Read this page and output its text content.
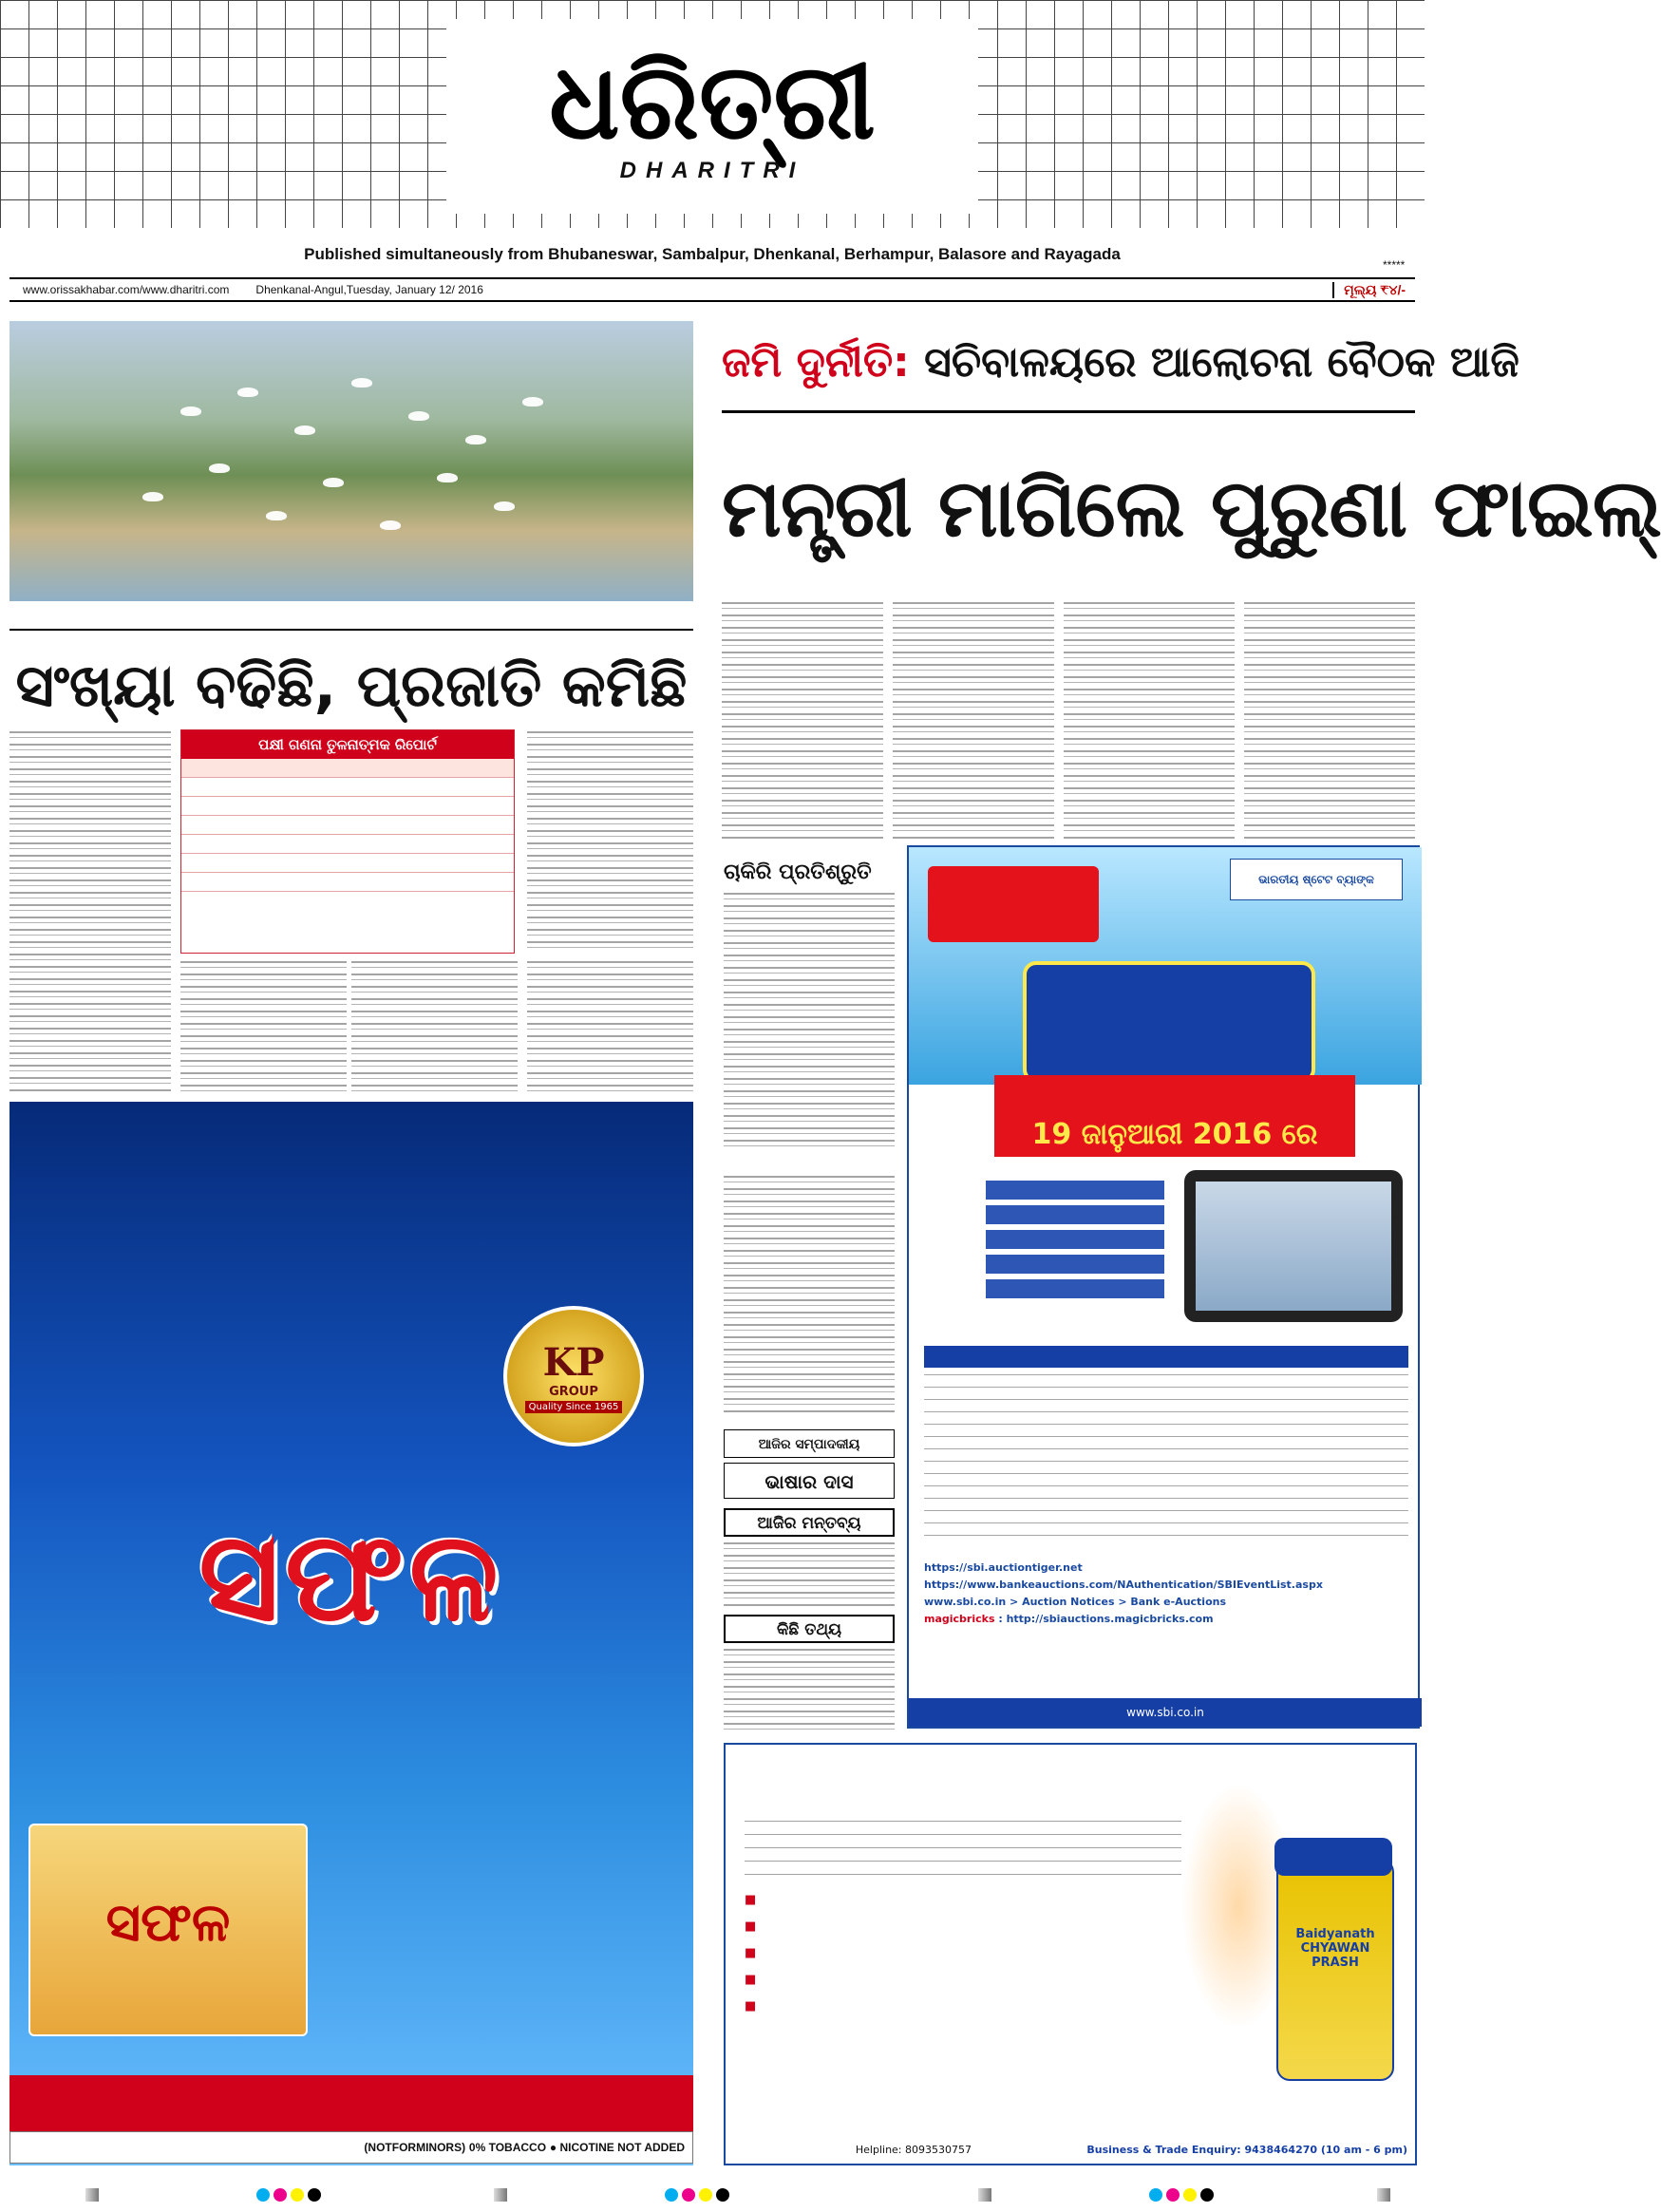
ଧରିତ୍ରୀ
DHARITRI
Published simultaneously from Bhubaneswar, Sambalpur, Dhenkanal, Berhampur, Balasore and Rayagada
*****
www.orissakhabar.com/www.dharitri.com	Dhenkanal-Angul,Tuesday, January 12/ 2016	ମୂଲ୍ୟ ₹୪/-

ଜମି ଦୁର୍ନୀତି: ସଚିବାଳୟରେ ଆଲୋଚନା ବୈଠକ ଆଜି
ମନ୍ତ୍ରୀ ମାଗିଲେ ପୁରୁଣା ଫାଇଲ୍
ସଂଖ୍ୟା ବଢିଛି, ପ୍ରଜାତି କମିଛି
ପକ୍ଷୀ ଗଣନା ତୁଳନାତ୍ମକ ରିପୋର୍ଟ

ଚାକିରି ପ୍ରତିଶ୍ରୁତି
ଆଜିର ସମ୍ପାଦକୀୟ
ଭାଷାର ଦାସ
ଆଜିର ମନ୍ତବ୍ୟ
କିଛି ତଥ୍ୟ

KP
GROUP
Quality Since 1965
ସଫଳ

ସଫଳ

(NOTFORMINORS) 0% TOBACCO ● NICOTINE NOT ADDED
ଭାରତୀୟ ଷ୍ଟେଟ ବ୍ୟାଙ୍କ

19 ଜାନୁଆରୀ 2016 ରେ

https://sbi.auctiontiger.net
https://www.bankeauctions.com/NAuthentication/SBIEventList.aspx
www.sbi.co.in > Auction Notices > Bank e-Auctions
magicbricks : http://sbiauctions.magicbricks.com
www.sbi.co.in

■
■
■
■
■

Baidyanath
CHYAWAN PRASH

Helpline: 8093530757	Business & Trade Enquiry: 9438464270 (10 am - 6 pm)
